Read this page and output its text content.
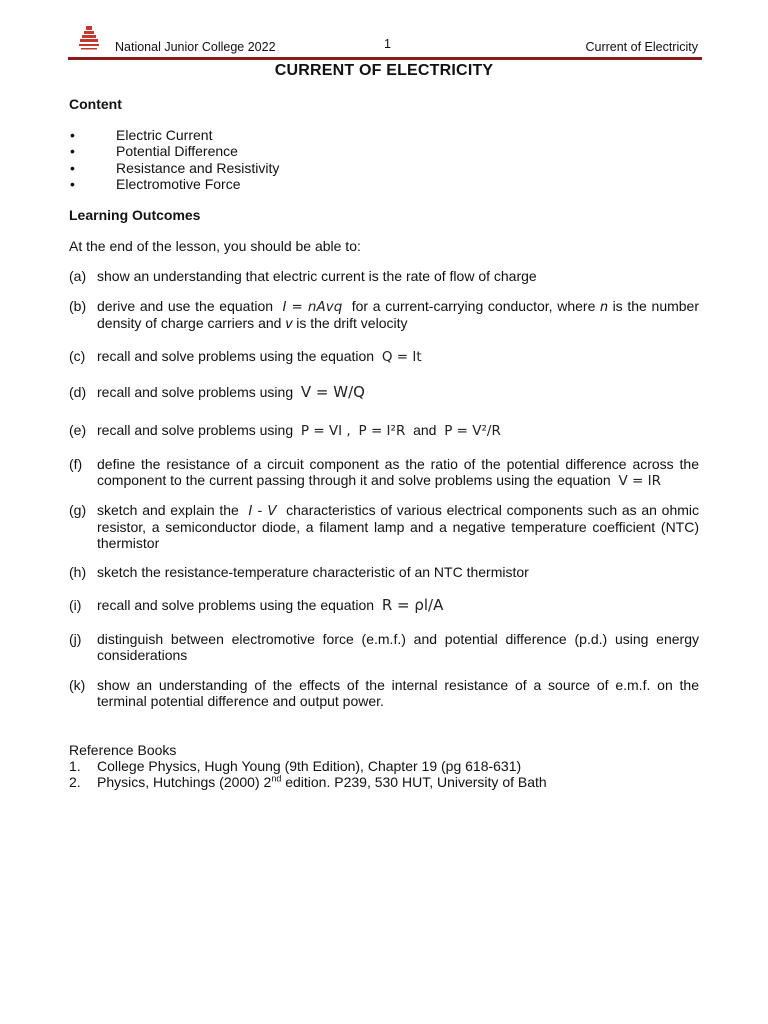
National Junior College 2022	1	Current of Electricity
CURRENT OF ELECTRICITY
Content
•	Electric Current
•	Potential Difference
•	Resistance and Resistivity
•	Electromotive Force
Learning Outcomes
At the end of the lesson, you should be able to:
(a) show an understanding that electric current is the rate of flow of charge
(b) derive and use the equation I = nAvq for a current-carrying conductor, where n is the number density of charge carriers and v is the drift velocity
(c) recall and solve problems using the equation Q = It
(d) recall and solve problems using V = W/Q
(e) recall and solve problems using P = VI , P = I²R and P = V²/R
(f) define the resistance of a circuit component as the ratio of the potential difference across the component to the current passing through it and solve problems using the equation V = IR
(g) sketch and explain the I - V characteristics of various electrical components such as an ohmic resistor, a semiconductor diode, a filament lamp and a negative temperature coefficient (NTC) thermistor
(h) sketch the resistance-temperature characteristic of an NTC thermistor
(i) recall and solve problems using the equation R = ρl/A
(j) distinguish between electromotive force (e.m.f.) and potential difference (p.d.) using energy considerations
(k) show an understanding of the effects of the internal resistance of a source of e.m.f. on the terminal potential difference and output power.
Reference Books
1. College Physics, Hugh Young (9th Edition), Chapter 19 (pg 618-631)
2. Physics, Hutchings (2000) 2nd edition. P239, 530 HUT, University of Bath
